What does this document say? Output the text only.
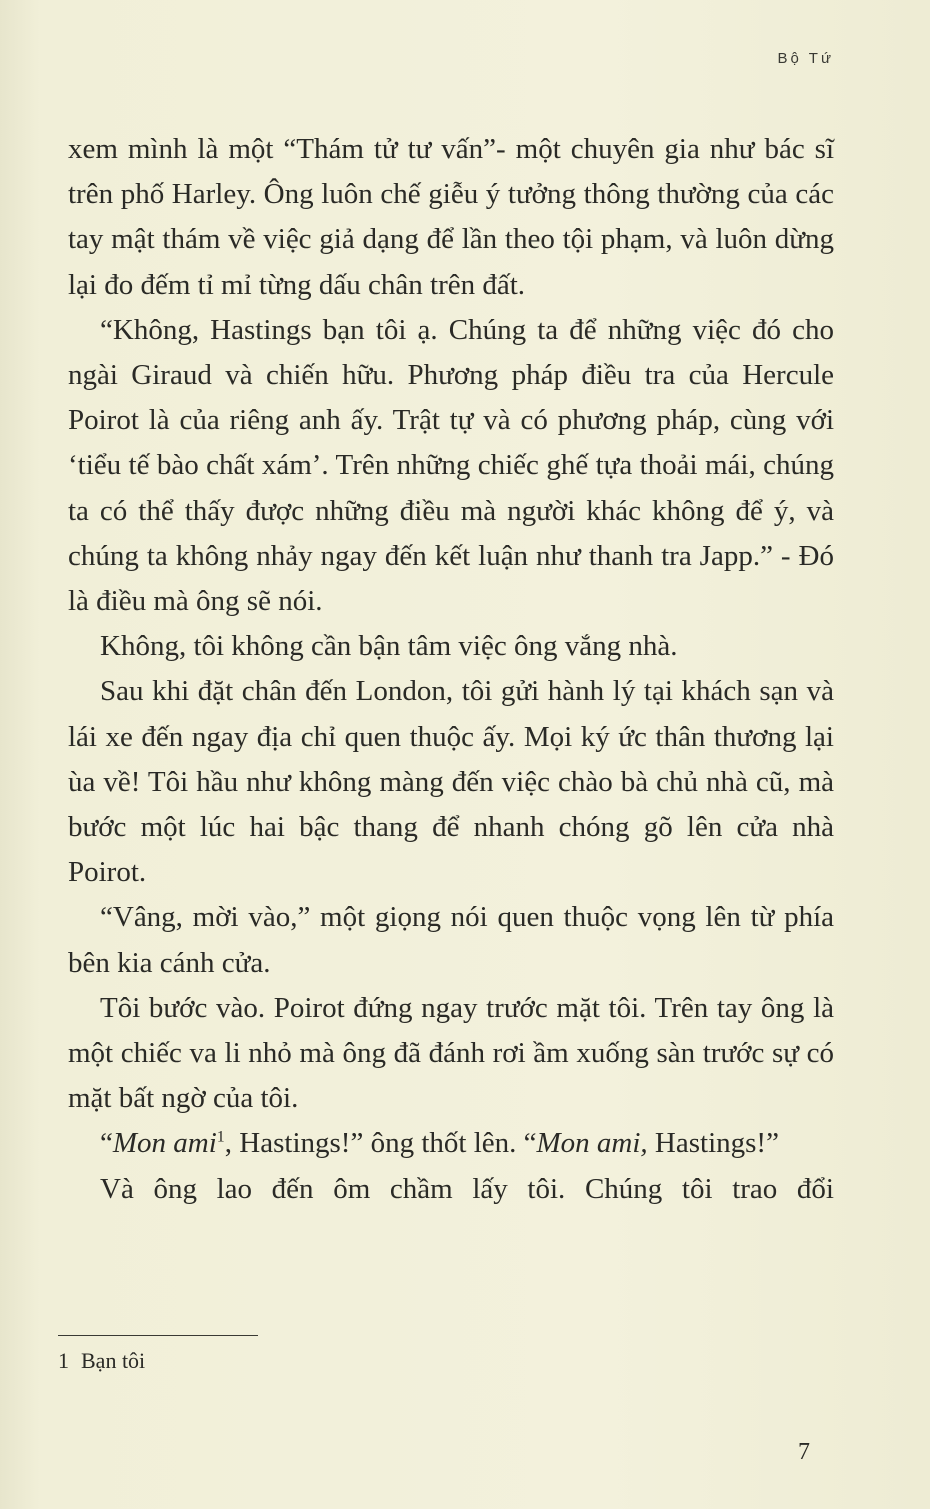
Bộ Tứ

xem mình là một “Thám tử tư vấn”- một chuyên gia như bác sĩ trên phố Harley. Ông luôn chế giễu ý tưởng thông thường của các tay mật thám về việc giả dạng để lần theo tội phạm, và luôn dừng lại đo đếm tỉ mỉ từng dấu chân trên đất.

“Không, Hastings bạn tôi ạ. Chúng ta để những việc đó cho ngài Giraud và chiến hữu. Phương pháp điều tra của Hercule Poirot là của riêng anh ấy. Trật tự và có phương pháp, cùng với ‘tiểu tế bào chất xám’. Trên những chiếc ghế tựa thoải mái, chúng ta có thể thấy được những điều mà người khác không để ý, và chúng ta không nhảy ngay đến kết luận như thanh tra Japp.” - Đó là điều mà ông sẽ nói.

Không, tôi không cần bận tâm việc ông vắng nhà.

Sau khi đặt chân đến London, tôi gửi hành lý tại khách sạn và lái xe đến ngay địa chỉ quen thuộc ấy. Mọi ký ức thân thương lại ùa về! Tôi hầu như không màng đến việc chào bà chủ nhà cũ, mà bước một lúc hai bậc thang để nhanh chóng gõ lên cửa nhà Poirot.

“Vâng, mời vào,” một giọng nói quen thuộc vọng lên từ phía bên kia cánh cửa.

Tôi bước vào. Poirot đứng ngay trước mặt tôi. Trên tay ông là một chiếc va li nhỏ mà ông đã đánh rơi ầm xuống sàn trước sự có mặt bất ngờ của tôi.

“Mon ami$^1$, Hastings!” ông thốt lên. “Mon ami, Hastings!”

Và ông lao đến ôm chầm lấy tôi. Chúng tôi trao đổi

1 Bạn tôi
7
